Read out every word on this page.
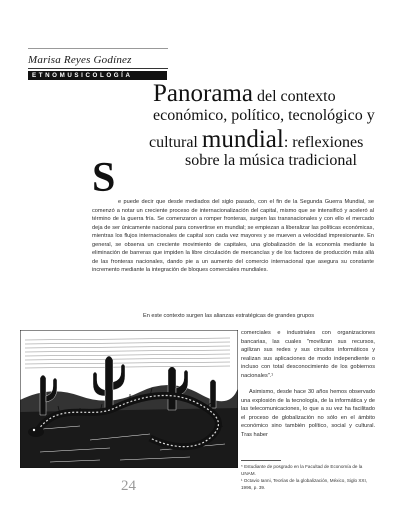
Marisa Reyes Godínez
ETNOMUSICOLOGÍA
Panorama del contexto
económico, político, tecnológico y
cultural mundial: reflexiones
sobre la música tradicional
S
e puede decir que desde mediados del siglo pasado, con el fin de la Segunda Guerra Mundial, se comenzó a notar un creciente proceso de internacionalización del capital, mismo que se intensificó y aceleró al término de la guerra fría. Se comenzaron a romper fronteras, surgen las transnacionales y con ello el mercado deja de ser únicamente nacional para convertirse en mundial; se empiezan a liberalizar las políticas económicas, mientras los flujos internacionales de capital son cada vez mayores y se mueven a velocidad impresionante. En general, se observa un creciente movimiento de capitales, una globalización de la economía mediante la eliminación de barreras que impiden la libre circulación de mercancías y de los factores de producción más allá de las fronteras nacionales, dando pie a un aumento del comercio internacional que asegura su constante incremento mediante la integración de bloques comerciales mundiales.
En este contexto surgen las alianzas estratégicas de grandes grupos
comerciales e industriales con organizaciones bancarias, las cuales "movilizan sus recursos, agilizan sus redes y sus circuitos informáticos y realizan sus aplicaciones de modo independiente o incluso con total desconocimiento de los gobiernos nacionales".¹
Asimismo, desde hace 30 años hemos observado una explosión de la tecnología, de la informática y de las telecomunicaciones, lo que a su vez ha facilitado el proceso de globalización no sólo en el ámbito económico sino también político, social y cultural. Tras haber

* Estudiante de posgrado en la Facultad de Economía de la UNAM.

¹ Octavio Ianni, Teorías de la globalización, México, Siglo XXI, 1996, p. 39.

24
